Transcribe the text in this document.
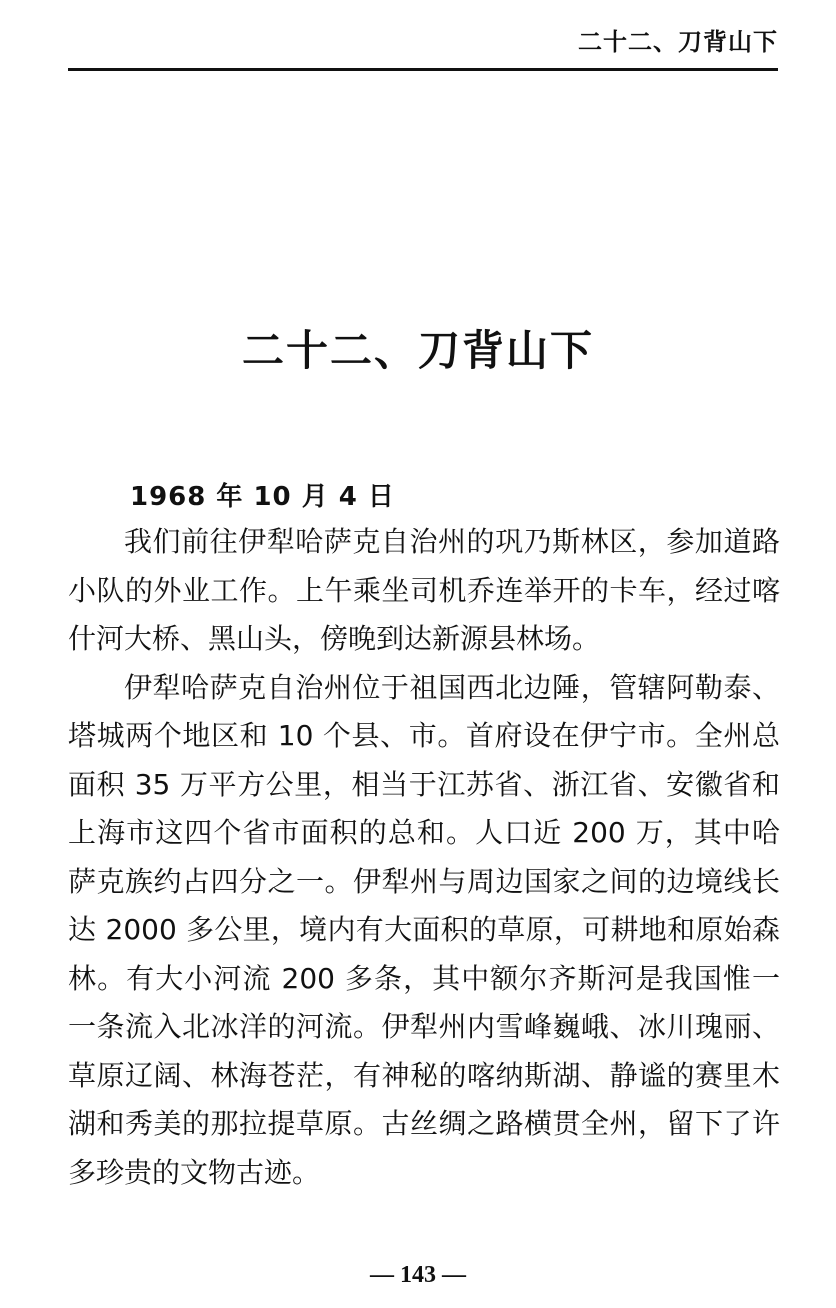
二十二、刀背山下
二十二、刀背山下
1968 年 10 月 4 日

我们前往伊犁哈萨克自治州的巩乃斯林区，参加道路小队的外业工作。上午乘坐司机乔连举开的卡车，经过喀什河大桥、黑山头，傍晚到达新源县林场。

伊犁哈萨克自治州位于祖国西北边陲，管辖阿勒泰、塔城两个地区和 10 个县、市。首府设在伊宁市。全州总面积 35 万平方公里，相当于江苏省、浙江省、安徽省和上海市这四个省市面积的总和。人口近 200 万，其中哈萨克族约占四分之一。伊犁州与周边国家之间的边境线长达 2000 多公里，境内有大面积的草原，可耕地和原始森林。有大小河流 200 多条，其中额尔齐斯河是我国惟一一条流入北冰洋的河流。伊犁州内雪峰巍峨、冰川瑰丽、草原辽阔、林海苍茫，有神秘的喀纳斯湖、静谧的赛里木湖和秀美的那拉提草原。古丝绸之路横贯全州，留下了许多珍贵的文物古迹。

— 143 —
